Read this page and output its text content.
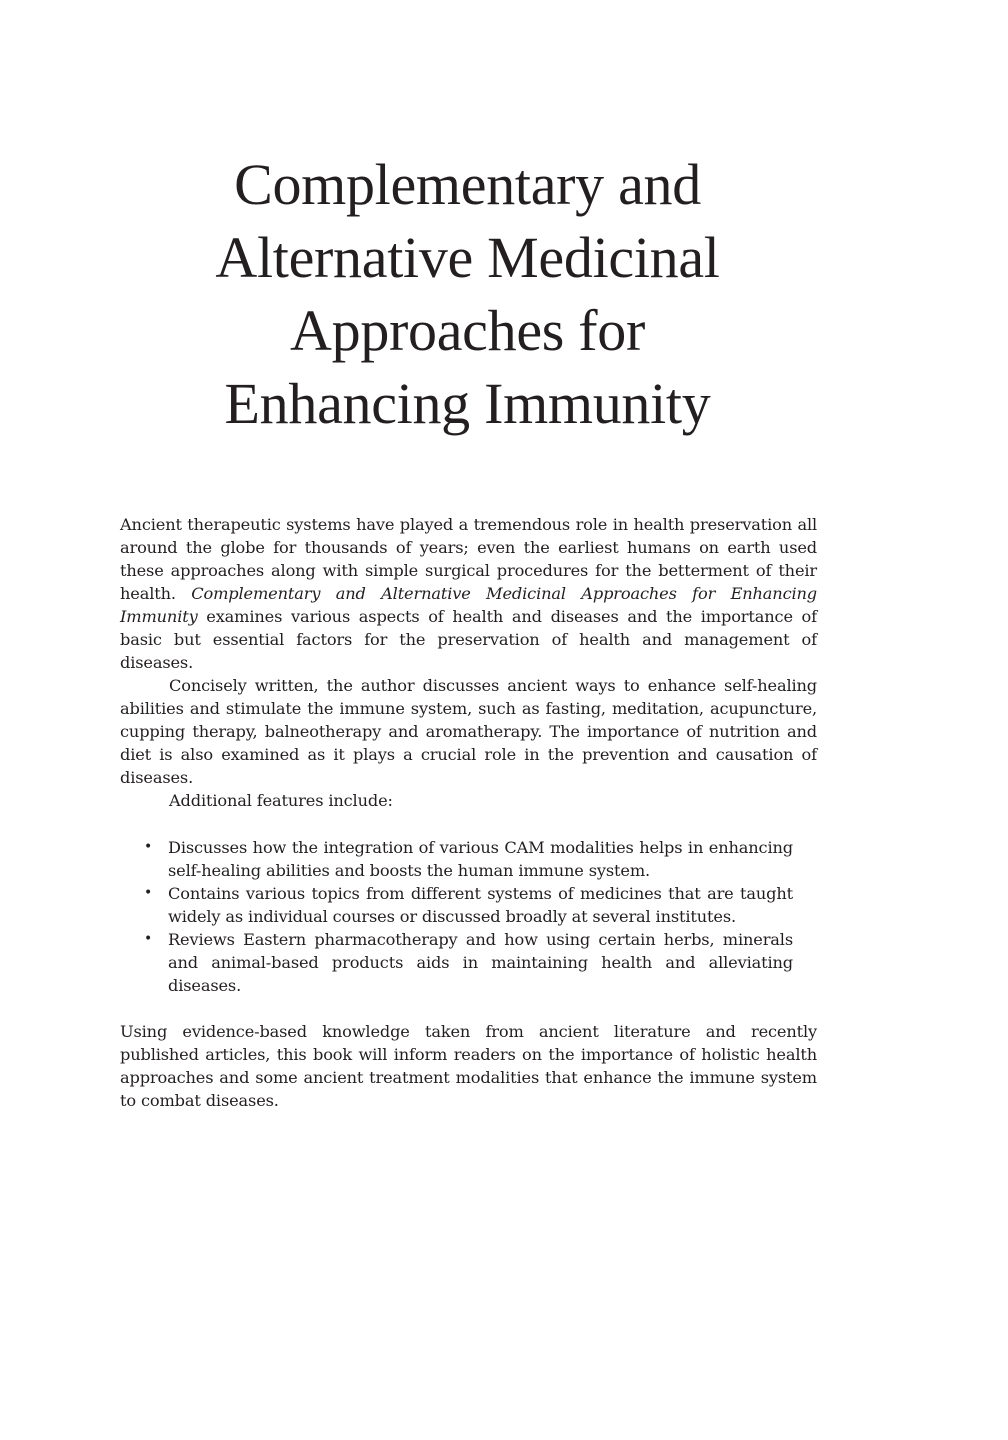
Complementary and
Alternative Medicinal
Approaches for
Enhancing Immunity

Ancient therapeutic systems have played a tremendous role in health preservation all around the globe for thousands of years; even the earliest humans on earth used these approaches along with simple surgical procedures for the betterment of their health. Complementary and Alternative Medicinal Approaches for Enhancing Immunity examines various aspects of health and diseases and the importance of basic but essential factors for the preservation of health and management of diseases.

Concisely written, the author discusses ancient ways to enhance self-healing abilities and stimulate the immune system, such as fasting, meditation, acupuncture, cupping therapy, balneotherapy and aromatherapy. The importance of nutrition and diet is also examined as it plays a crucial role in the prevention and causation of diseases.

Additional features include:

• Discusses how the integration of various CAM modalities helps in enhancing self-healing abilities and boosts the human immune system.
• Contains various topics from different systems of medicines that are taught widely as individual courses or discussed broadly at several institutes.
• Reviews Eastern pharmacotherapy and how using certain herbs, minerals and animal-based products aids in maintaining health and alleviating diseases.

Using evidence-based knowledge taken from ancient literature and recently published articles, this book will inform readers on the importance of holistic health approaches and some ancient treatment modalities that enhance the immune system to combat diseases.
